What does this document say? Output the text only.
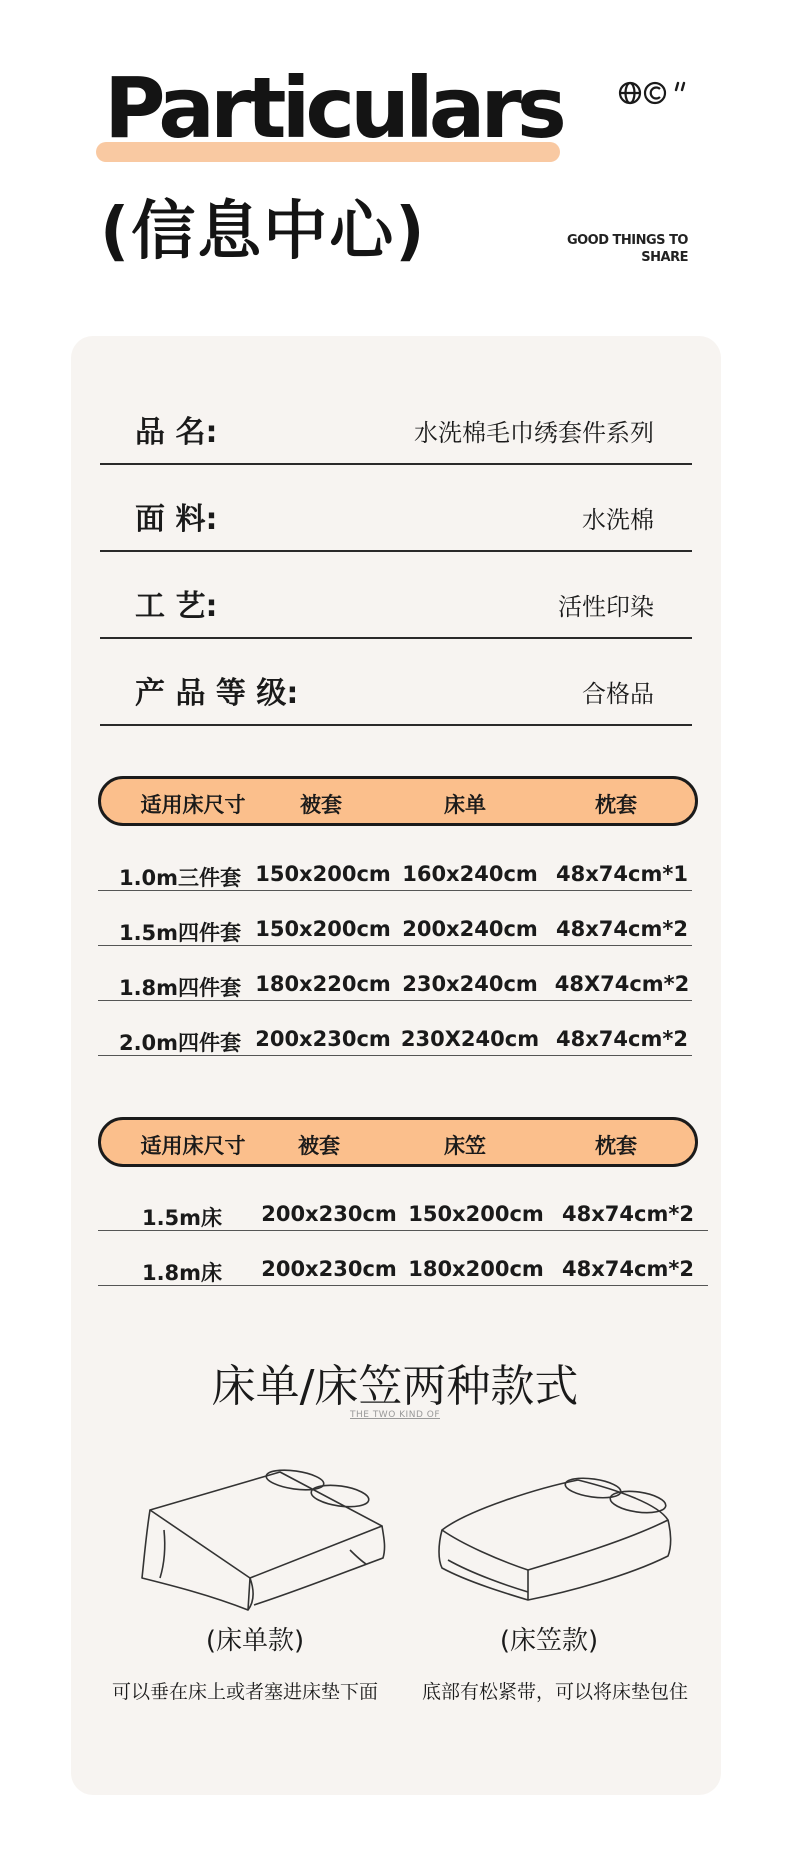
Particulars
(信息中心)	GOOD THINGS TO
SHARE
品 名:	水洗棉毛巾绣套件系列
面 料:	水洗棉
工 艺:	活性印染
产 品 等 级:	合格品
适用床尺寸	被套	床单	枕套
1.0m三件套 150x200cm 160x240cm 48x74cm*1
1.5m四件套 150x200cm 200x240cm 48x74cm*2
1.8m四件套 180x220cm 230x240cm 48X74cm*2
2.0m四件套 200x230cm 230X240cm 48x74cm*2
适用床尺寸	被套	床笠	枕套
1.5m床 200x230cm 150x200cm 48x74cm*2
1.8m床 200x230cm 180x200cm 48x74cm*2
床单/床笠两种款式
THE TWO KIND OF
(床单款)	(床笠款)
可以垂在床上或者塞进床垫下面	底部有松紧带，可以将床垫包住
